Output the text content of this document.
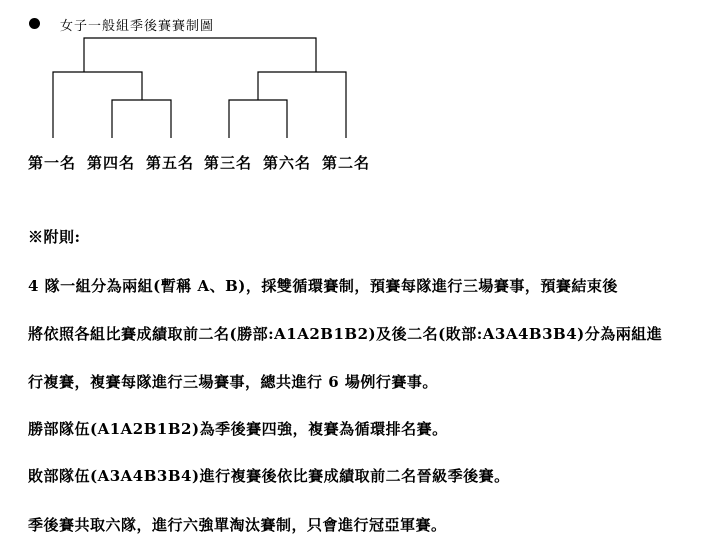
女子一般組季後賽賽制圖
第一名 第四名 第五名 第三名 第六名 第二名
※附則:
4 隊一組分為兩組(暫稱 A、B)，採雙循環賽制，預賽每隊進行三場賽事，預賽結束後
將依照各組比賽成績取前二名(勝部:A1A2B1B2)及後二名(敗部:A3A4B3B4)分為兩組進
行複賽，複賽每隊進行三場賽事，總共進行 6 場例行賽事。
勝部隊伍(A1A2B1B2)為季後賽四強，複賽為循環排名賽。
敗部隊伍(A3A4B3B4)進行複賽後依比賽成績取前二名晉級季後賽。
季後賽共取六隊，進行六強單淘汰賽制，只會進行冠亞軍賽。
